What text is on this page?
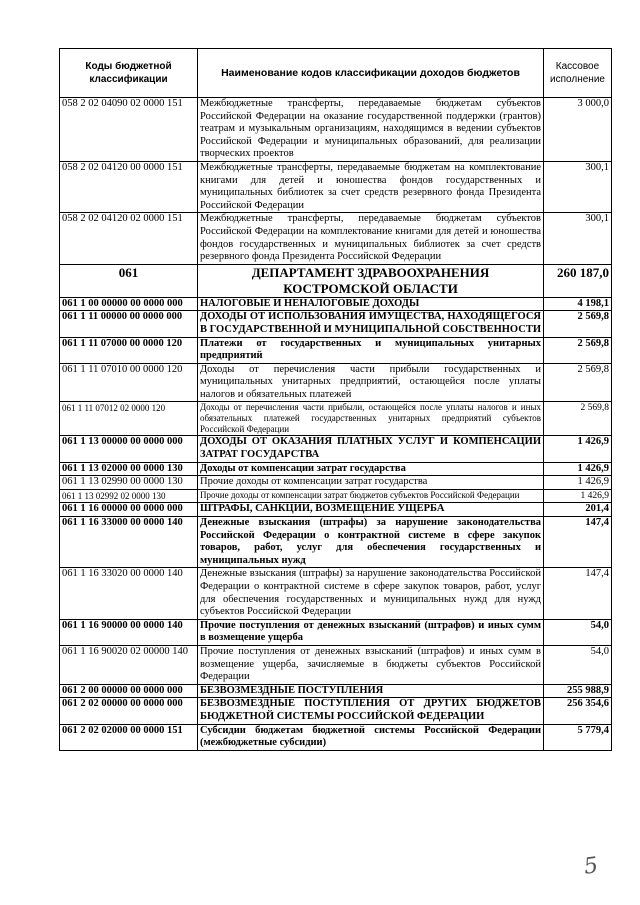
Коды бюджетной классификации	Наименование кодов классификации доходов бюджетов	Кассовое исполнение
058 2 02 04090 02 0000 151	Межбюджетные трансферты, передаваемые бюджетам субъектов Российской Федерации на оказание государственной поддержки (грантов) театрам и музыкальным организациям, находящимся в ведении субъектов Российской Федерации и муниципальных образований, для реализации творческих проектов	3 000,0
058 2 02 04120 00 0000 151	Межбюджетные трансферты, передаваемые бюджетам на комплектование книгами для детей и юношества фондов государственных и муниципальных библиотек за счет средств резервного фонда Президента Российской Федерации	300,1
058 2 02 04120 02 0000 151	Межбюджетные трансферты, передаваемые бюджетам субъектов Российской Федерации на комплектование книгами для детей и юношества фондов государственных и муниципальных библиотек за счет средств резервного фонда Президента Российской Федерации	300,1
061	ДЕПАРТАМЕНТ ЗДРАВООХРАНЕНИЯ КОСТРОМСКОЙ ОБЛАСТИ	260 187,0
061 1 00 00000 00 0000 000	НАЛОГОВЫЕ И НЕНАЛОГОВЫЕ ДОХОДЫ	4 198,1
061 1 11 00000 00 0000 000	ДОХОДЫ ОТ ИСПОЛЬЗОВАНИЯ ИМУЩЕСТВА, НАХОДЯЩЕГОСЯ В ГОСУДАРСТВЕННОЙ И МУНИЦИПАЛЬНОЙ СОБСТВЕННОСТИ	2 569,8
061 1 11 07000 00 0000 120	Платежи от государственных и муниципальных унитарных предприятий	2 569,8
061 1 11 07010 00 0000 120	Доходы от перечисления части прибыли государственных и муниципальных унитарных предприятий, остающейся после уплаты налогов и обязательных платежей	2 569,8
061 1 11 07012 02 0000 120	Доходы от перечисления части прибыли, остающейся после уплаты налогов и иных обязательных платежей государственных унитарных предприятий субъектов Российской Федерации	2 569,8
061 1 13 00000 00 0000 000	ДОХОДЫ ОТ ОКАЗАНИЯ ПЛАТНЫХ УСЛУГ И КОМПЕНСАЦИИ ЗАТРАТ ГОСУДАРСТВА	1 426,9
061 1 13 02000 00 0000 130	Доходы от компенсации затрат государства	1 426,9
061 1 13 02990 00 0000 130	Прочие доходы от компенсации затрат государства	1 426,9
061 1 13 02992 02 0000 130	Прочие доходы от компенсации затрат бюджетов субъектов Российской Федерации	1 426,9
061 1 16 00000 00 0000 000	ШТРАФЫ, САНКЦИИ, ВОЗМЕЩЕНИЕ УЩЕРБА	201,4
061 1 16 33000 00 0000 140	Денежные взыскания (штрафы) за нарушение законодательства Российской Федерации о контрактной системе в сфере закупок товаров, работ, услуг для обеспечения государственных и муниципальных нужд	147,4
061 1 16 33020 00 0000 140	Денежные взыскания (штрафы) за нарушение законодательства Российской Федерации о контрактной системе в сфере закупок товаров, работ, услуг для обеспечения государственных и муниципальных нужд для нужд субъектов Российской Федерации	147,4
061 1 16 90000 00 0000 140	Прочие поступления от денежных взысканий (штрафов) и иных сумм в возмещение ущерба	54,0
061 1 16 90020 02 00000 140	Прочие поступления от денежных взысканий (штрафов) и иных сумм в возмещение ущерба, зачисляемые в бюджеты субъектов Российской Федерации	54,0
061 2 00 00000 00 0000 000	БЕЗВОЗМЕЗДНЫЕ ПОСТУПЛЕНИЯ	255 988,9
061 2 02 00000 00 0000 000	БЕЗВОЗМЕЗДНЫЕ ПОСТУПЛЕНИЯ ОТ ДРУГИХ БЮДЖЕТОВ БЮДЖЕТНОЙ СИСТЕМЫ РОССИЙСКОЙ ФЕДЕРАЦИИ	256 354,6
061 2 02 02000 00 0000 151	Субсидии бюджетам бюджетной системы Российской Федерации (межбюджетные субсидии)	5 779,4
5
